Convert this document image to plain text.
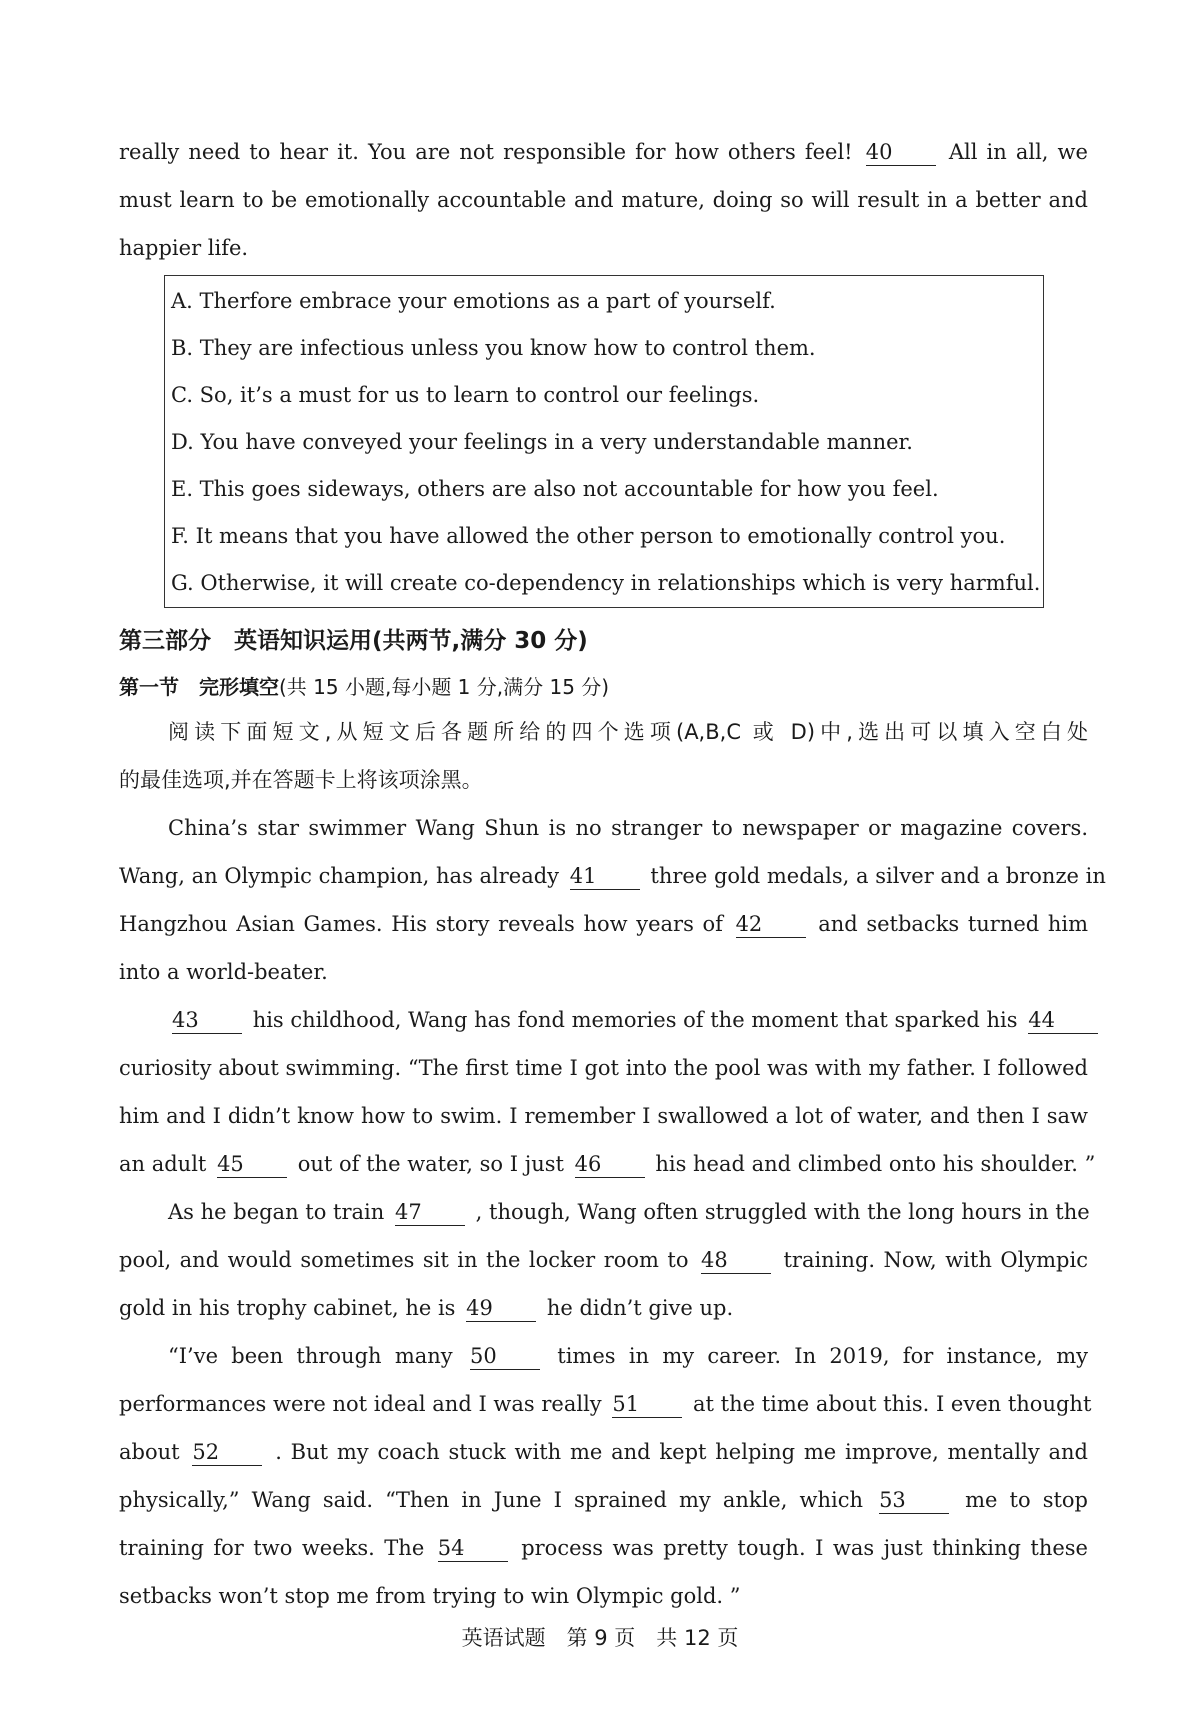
really need to hear it. You are not responsible for how others feel! 40	All in all, we
must learn to be emotionally accountable and mature, doing so will result in a better and
happier life.
A. Therfore embrace your emotions as a part of yourself.
B. They are infectious unless you know how to control them.
C. So, it’s a must for us to learn to control our feelings.
D. You have conveyed your feelings in a very understandable manner.
E. This goes sideways, others are also not accountable for how you feel.
F. It means that you have allowed the other person to emotionally control you.
G. Otherwise, it will create co-dependency in relationships which is very harmful.
第三部分　英语知识运用(共两节,满分 30 分)
第一节　完形填空(共 15 小题,每小题 1 分,满分 15 分)
阅读下面短文,从短文后各题所给的四个选项(A,B,C 或 D)中,选出可以填入空白处
的最佳选项,并在答题卡上将该项涂黑。
China’s star swimmer Wang Shun is no stranger to newspaper or magazine covers.
Wang, an Olympic champion, has already 41	three gold medals, a silver and a bronze in
Hangzhou Asian Games. His story reveals how years of 42	and setbacks turned him
into a world-beater.
43	his childhood, Wang has fond memories of the moment that sparked his 44
curiosity about swimming. “The first time I got into the pool was with my father. I followed
him and I didn’t know how to swim. I remember I swallowed a lot of water, and then I saw
an adult 45	out of the water, so I just 46	his head and climbed onto his shoulder. ”
As he began to train 47	, though, Wang often struggled with the long hours in the
pool, and would sometimes sit in the locker room to 48	training. Now, with Olympic
gold in his trophy cabinet, he is 49	he didn’t give up.
“I’ve been through many 50	times in my career. In 2019, for instance, my
performances were not ideal and I was really 51	at the time about this. I even thought
about 52	. But my coach stuck with me and kept helping me improve, mentally and
physically,” Wang said. “Then in June I sprained my ankle, which 53	me to stop
training for two weeks. The 54	process was pretty tough. I was just thinking these
setbacks won’t stop me from trying to win Olympic gold. ”
英语试题　第 9 页　共 12 页
